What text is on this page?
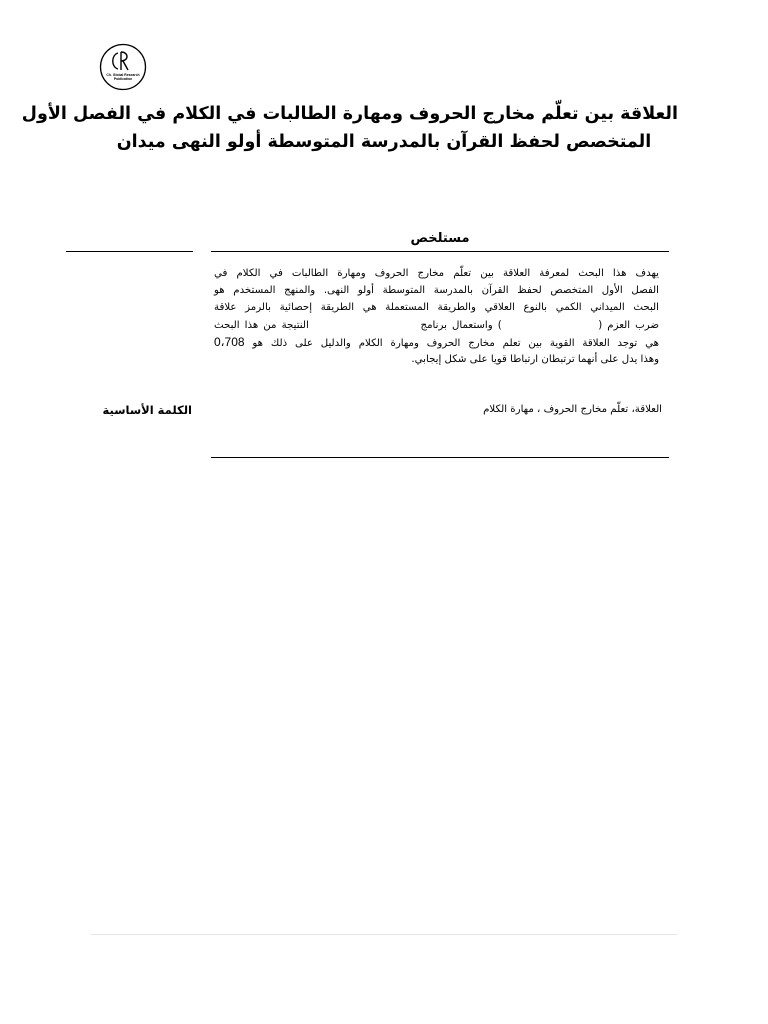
Ch. Global Research
Publication
العلاقة بين تعلّم مخارج الحروف ومهارة الطالبات في الكلام في الفصل الأول
المتخصص لحفظ القرآن بالمدرسة المتوسطة أولو النهى ميدان
مستلخص
يهدف هذا البحث لمعرفة العلاقة بين تعلّم مخارج الحروف ومهارة الطالبات في الكلام في
الفصل الأول المتخصص لحفظ القرآن بالمدرسة المتوسطة أولو النهى. والمنهج المستخدم هو
البحث الميداني الكمي بالنوع العلاقي والطريقة المستعملة هي الطريقة إحصائية بالرمز علاقة
ضرب العزم (                   ) واستعمال برنامج                      النتيجة من هذا البحث
هي توجد العلاقة القوية بين تعلم مخارج الحروف ومهارة الكلام والدليل على ذلك هو 0،708
وهذا يدل على أنهما ترتبطان ارتباطا قويا على شكل إيجابي.
الكلمة الأساسية	العلاقة، تعلّم مخارج الحروف ، مهارة الكلام
